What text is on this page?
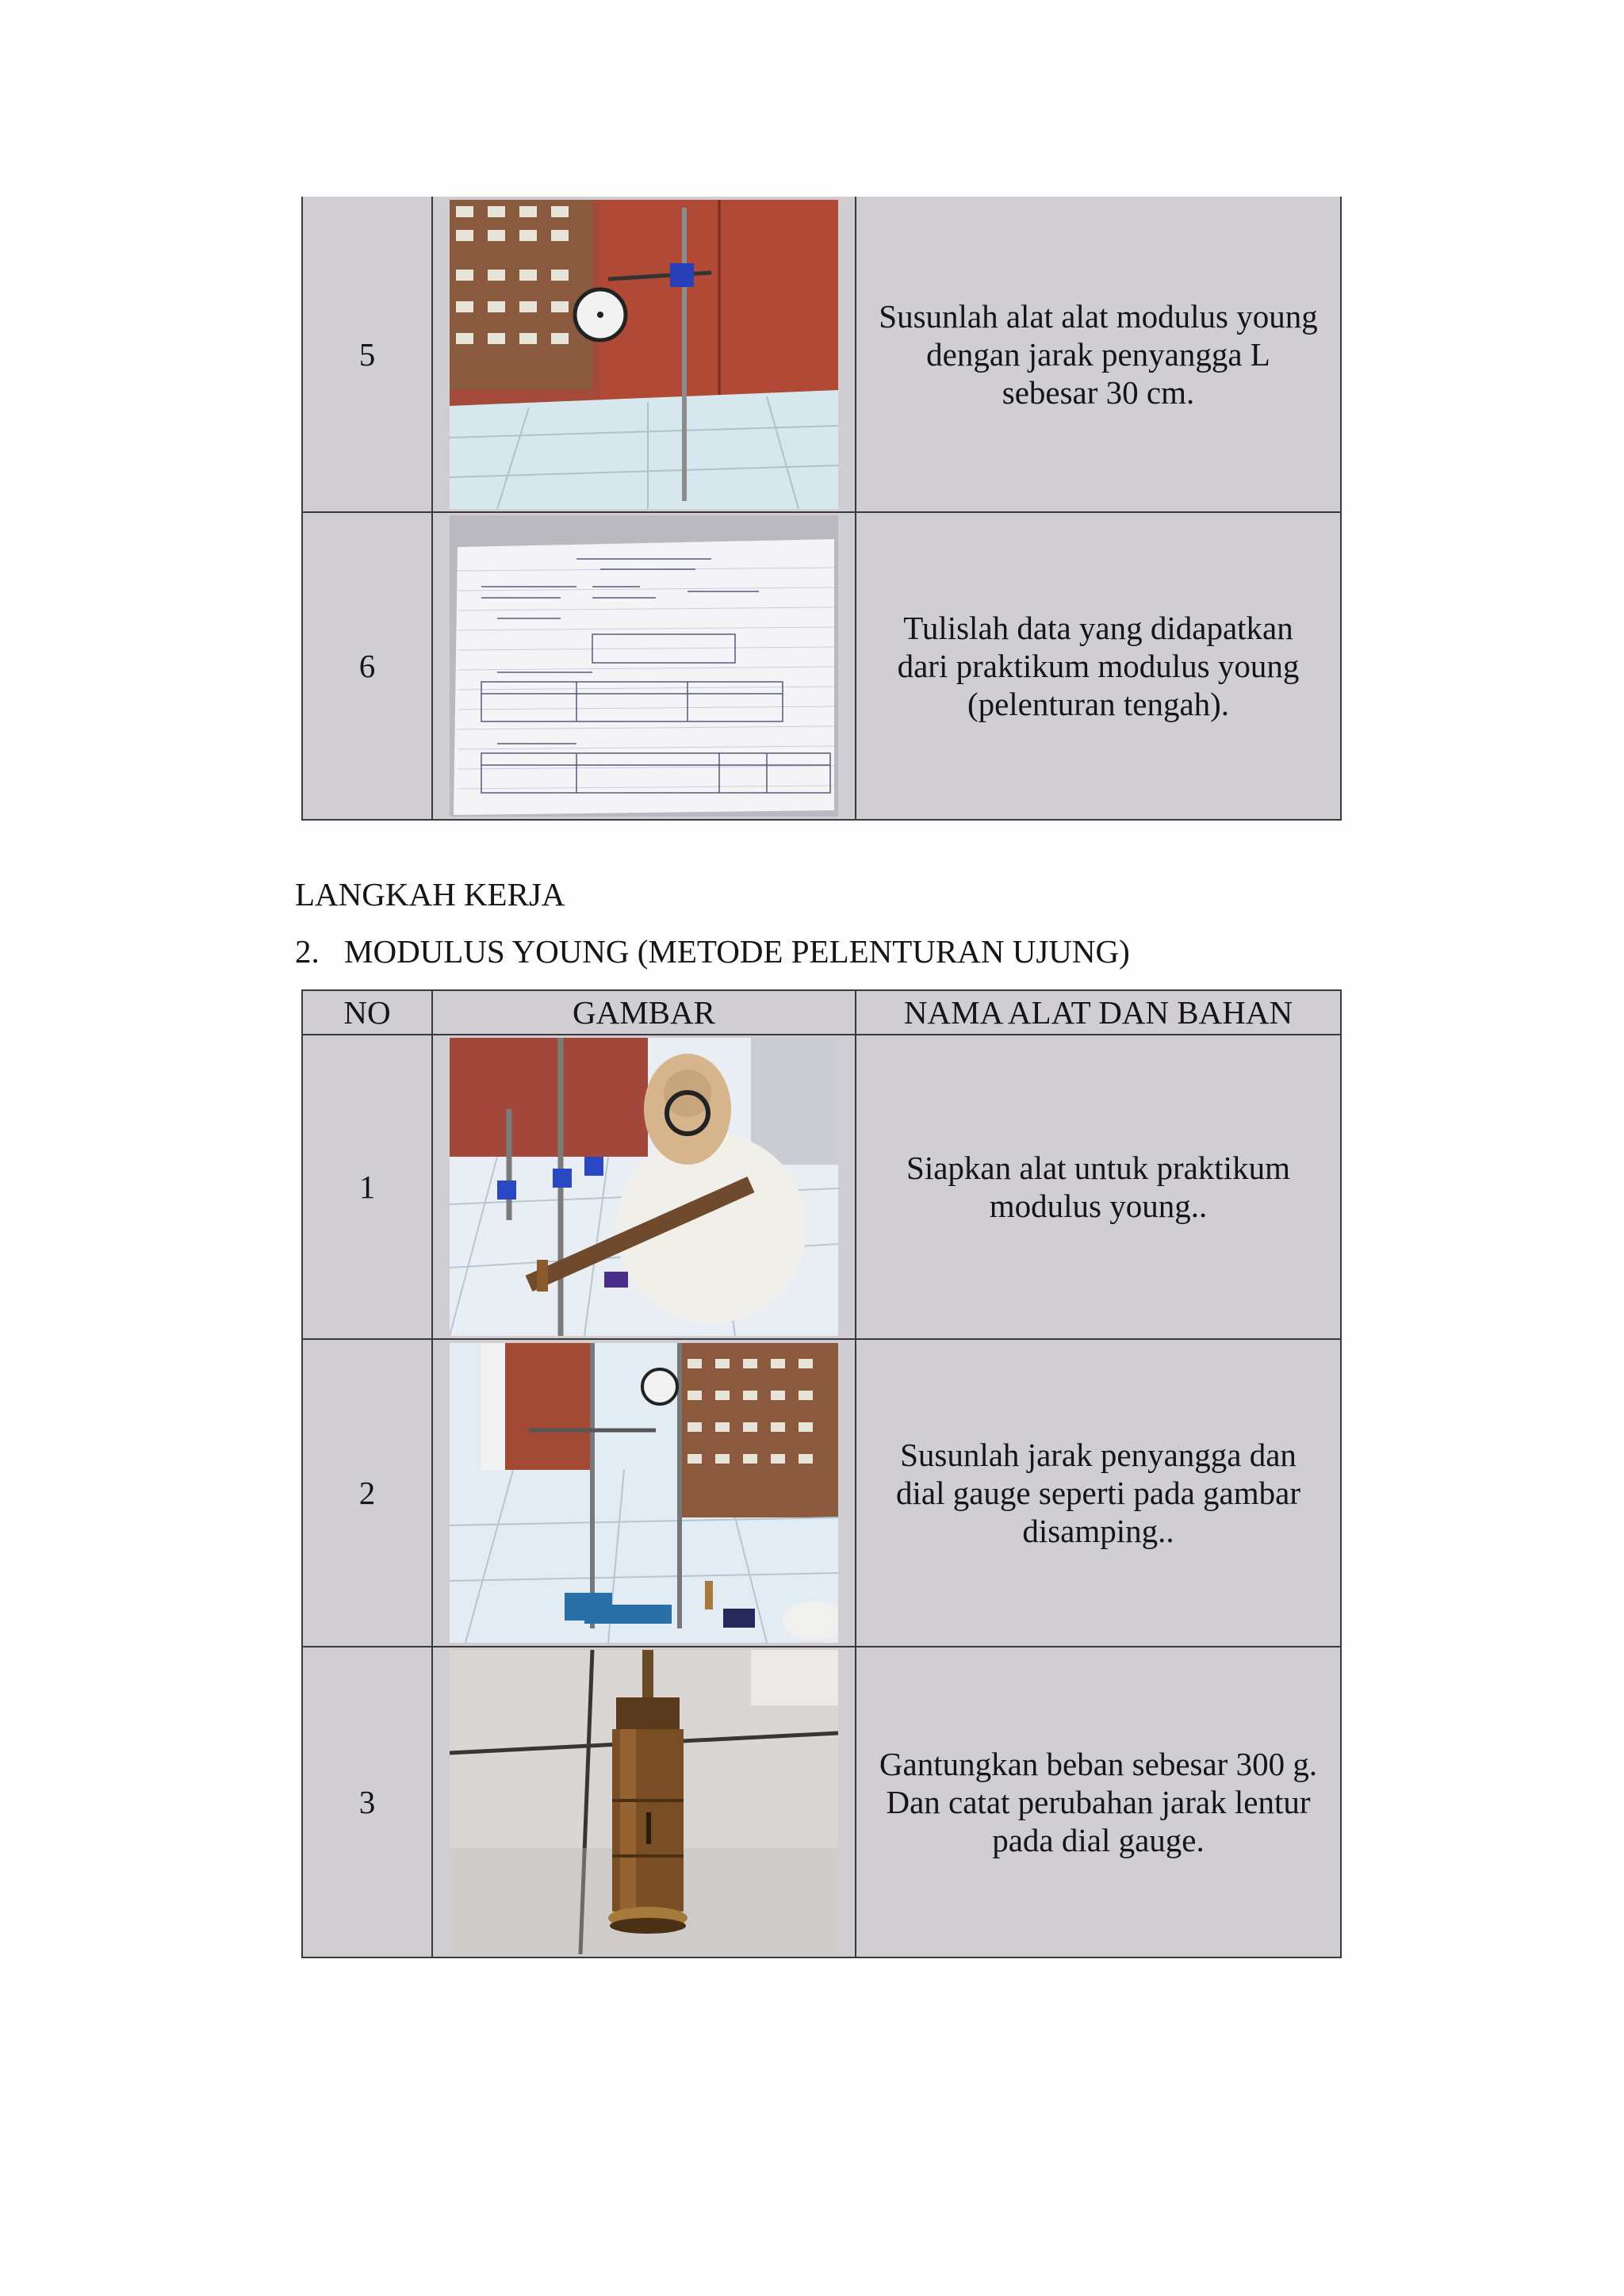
5		Susunlah alat alat modulus young dengan jarak penyangga L sebesar 30 cm.
6		Tulislah data yang didapatkan dari praktikum modulus young (pelenturan tengah).
LANGKAH KERJA
2. MODULUS YOUNG (METODE PELENTURAN UJUNG)
NO	GAMBAR	NAMA ALAT DAN BAHAN
1		Siapkan alat untuk praktikum modulus young..
2		Susunlah jarak penyangga dan dial gauge seperti pada gambar disamping..
3		Gantungkan beban sebesar 300 g. Dan catat perubahan jarak lentur pada dial gauge.
